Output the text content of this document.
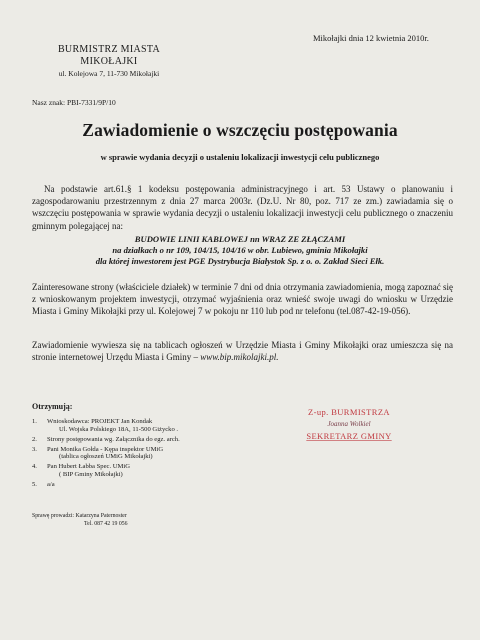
Mikołajki dnia 12 kwietnia 2010r.
BURMISTRZ MIASTA
MIKOŁAJKI
ul. Kolejowa 7, 11-730 Mikołajki
Nasz znak: PBI-7331/9P/10
Zawiadomienie o wszczęciu postępowania
w sprawie wydania decyzji o ustaleniu lokalizacji inwestycji celu publicznego
Na podstawie art.61.§ 1 kodeksu postępowania administracyjnego i art. 53 Ustawy o planowaniu i zagospodarowaniu przestrzennym z dnia 27 marca 2003r. (Dz.U. Nr 80, poz. 717 ze zm.) zawiadamia się o wszczęciu postępowania w sprawie wydania decyzji o ustaleniu lokalizacji inwestycji celu publicznego o znaczeniu gminnym polegającej na:
BUDOWIE LINII KABLOWEJ nn WRAZ ZE ZŁĄCZAMI
na działkach o nr 109, 104/15, 104/16 w obr. Lubiewo, gminia Mikołajki
dla której inwestorem jest PGE Dystrybucja Białystok Sp. z o. o. Zakład Sieci Ełk.
Zainteresowane strony (właściciele działek) w terminie 7 dni od dnia otrzymania zawiadomienia, mogą zapoznać się z wnioskowanym projektem inwestycji, otrzymać wyjaśnienia oraz wnieść swoje uwagi do wniosku w Urzędzie Miasta i Gminy Mikołajki przy ul. Kolejowej 7 w pokoju nr 110 lub pod nr telefonu (tel.087-42-19-056).
Zawiadomienie wywiesza się na tablicach ogłoszeń w Urzędzie Miasta i Gminy Mikołajki oraz umieszcza się na stronie internetowej Urzędu Miasta i Gminy – www.bip.mikolajki.pl.
Otrzymują:
1. Wnioskodawca: PROJEKT Jan Kondak
Ul. Wojska Polskiego 18A, 11-500 Giżycko .
2. Strony postępowania wg. Załącznika do egz. arch.
3. Pani Monika Gołda - Kępa inspektor UMiG
(tablica ogłoszeń UMiG Mikołajki)
4. Pan Hubert Łabba Spec. UMiG
( BIP Gminy Mikołajki)
5. a/a
Z-up. BURMISTRZA
Joanna Wolkiel
SEKRETARZ GMINY
Sprawę prowadzi: Katarzyna Paternoster
Tel. 087 42 19 056
